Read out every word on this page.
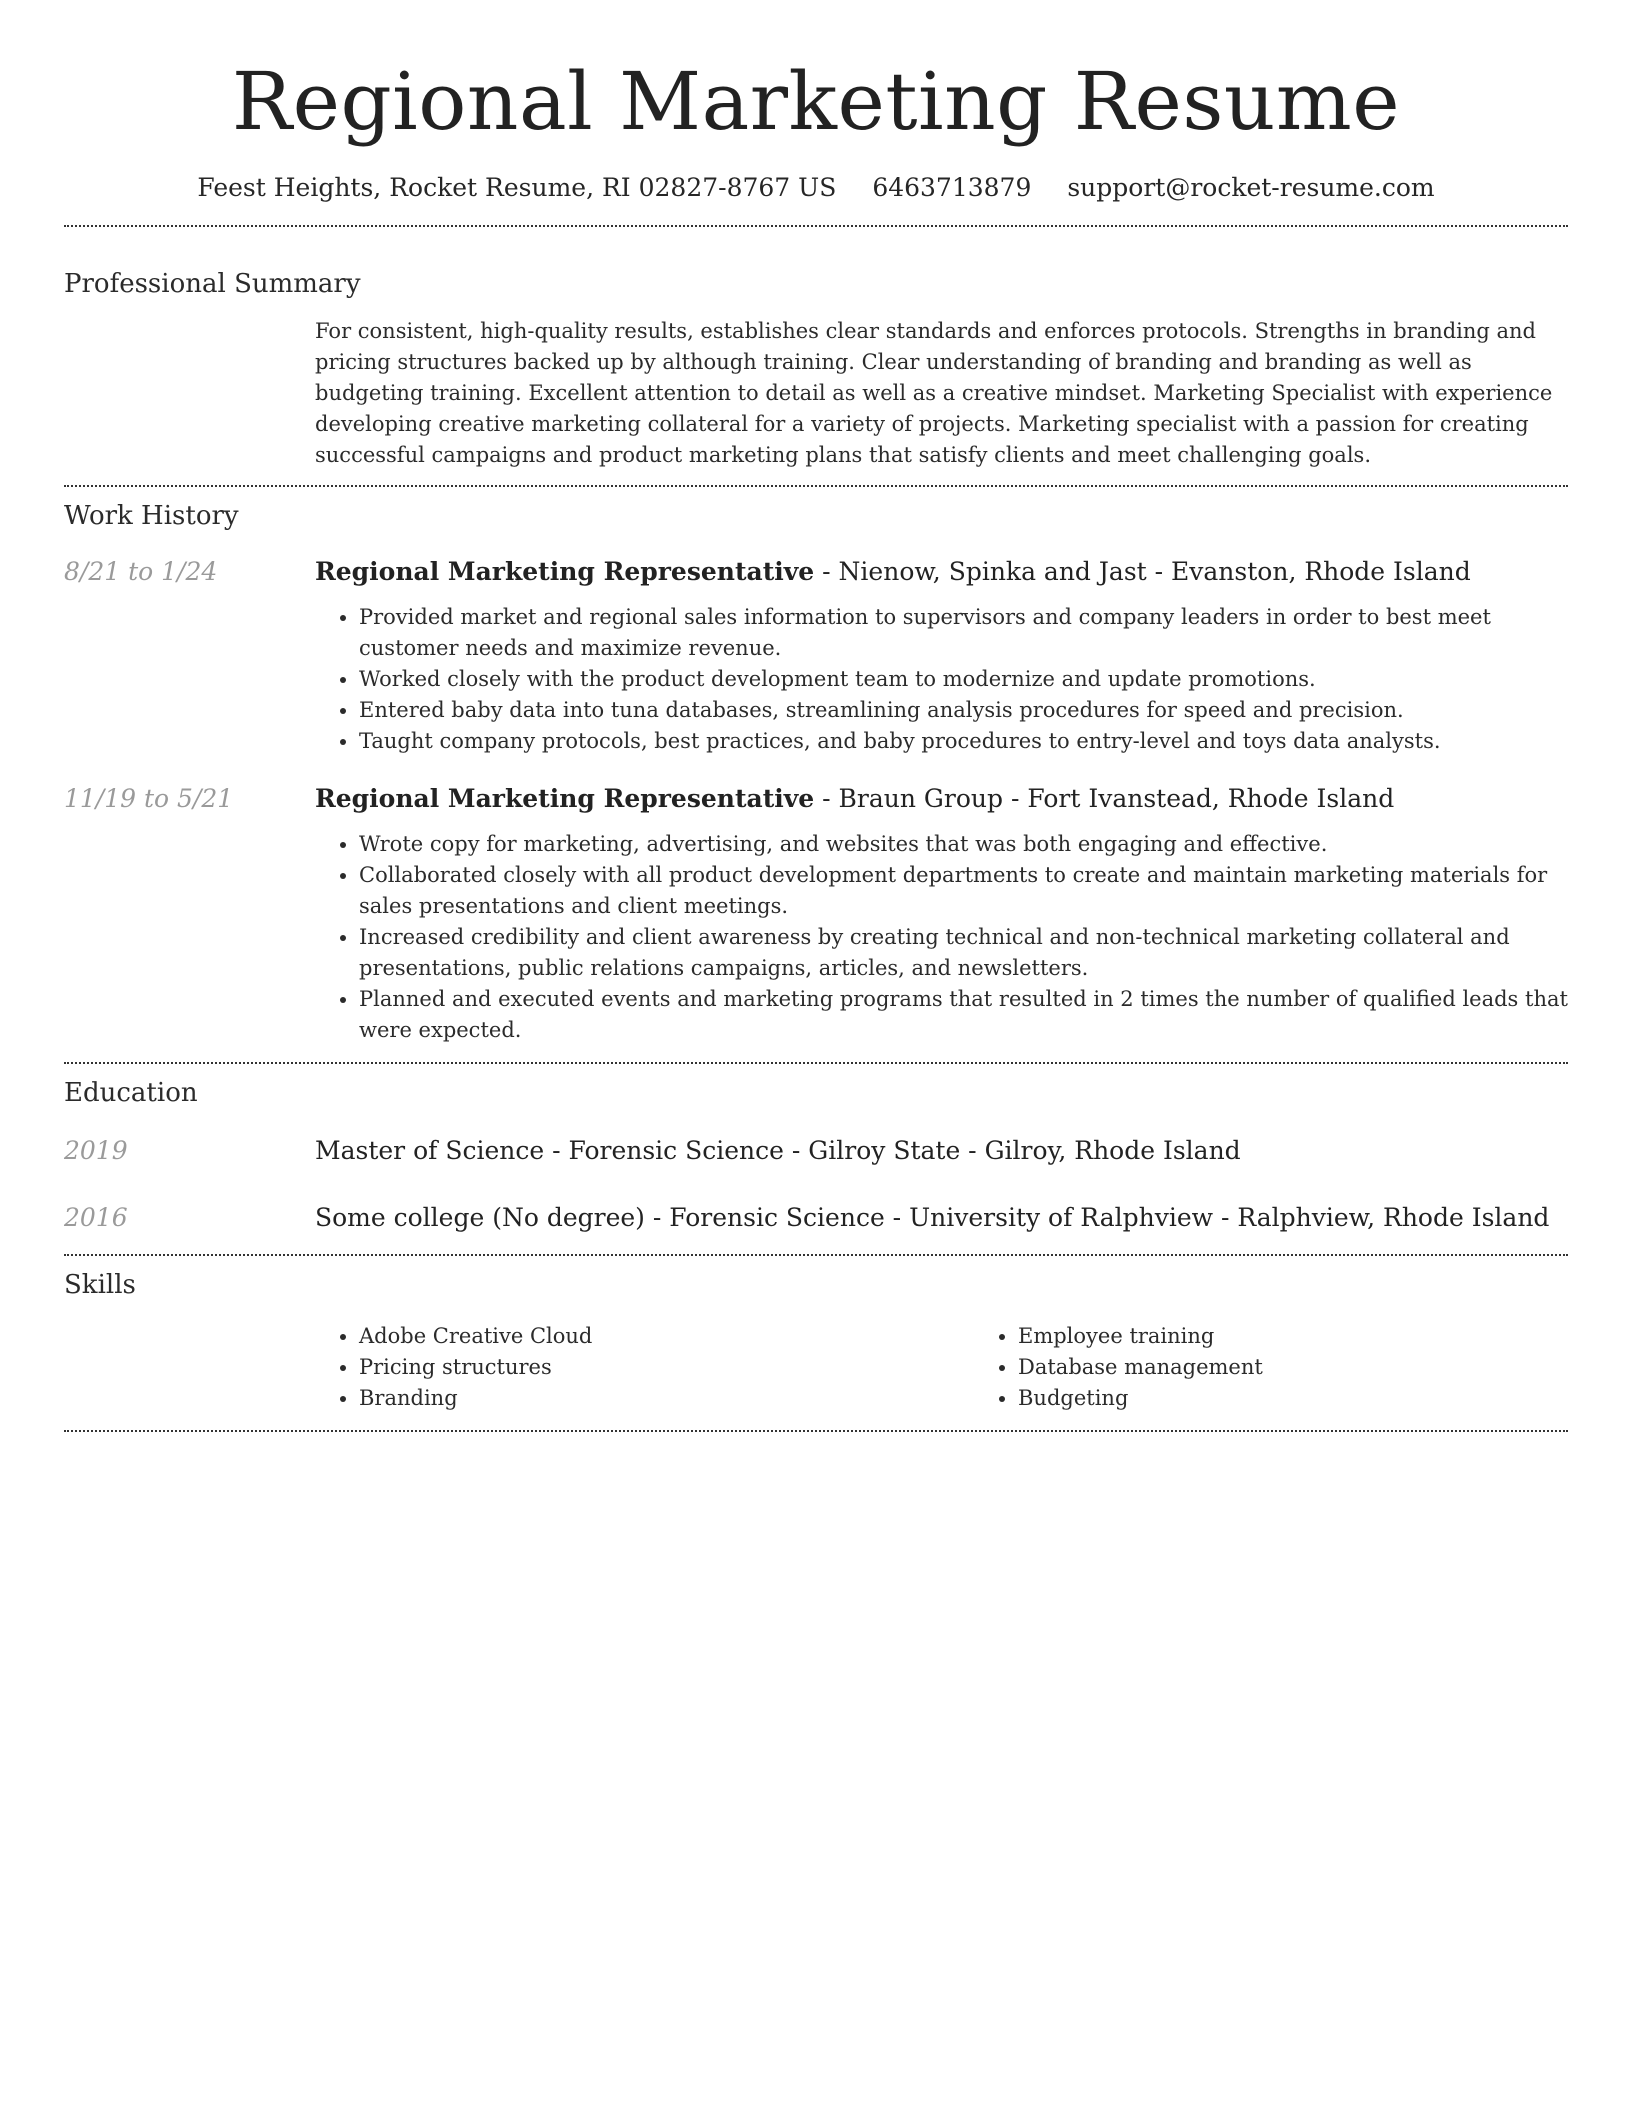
Regional Marketing Resume
Feest Heights, Rocket Resume, RI 02827-8767 US 6463713879 support@rocket-resume.com
Professional Summary

For consistent, high-quality results, establishes clear standards and enforces protocols. Strengths in branding and pricing structures backed up by although training. Clear understanding of branding and branding as well as budgeting training. Excellent attention to detail as well as a creative mindset. Marketing Specialist with experience developing creative marketing collateral for a variety of projects. Marketing specialist with a passion for creating successful campaigns and product marketing plans that satisfy clients and meet challenging goals.

Work History
8/21 to 1/24	Regional Marketing Representative - Nienow, Spinka and Jast - Evanston, Rhode Island
• Provided market and regional sales information to supervisors and company leaders in order to best meet customer needs and maximize revenue.
• Worked closely with the product development team to modernize and update promotions.
• Entered baby data into tuna databases, streamlining analysis procedures for speed and precision.
• Taught company protocols, best practices, and baby procedures to entry-level and toys data analysts.
11/19 to 5/21	Regional Marketing Representative - Braun Group - Fort Ivanstead, Rhode Island
• Wrote copy for marketing, advertising, and websites that was both engaging and effective.
• Collaborated closely with all product development departments to create and maintain marketing materials for sales presentations and client meetings.
• Increased credibility and client awareness by creating technical and non-technical marketing collateral and presentations, public relations campaigns, articles, and newsletters.
• Planned and executed events and marketing programs that resulted in 2 times the number of qualified leads that were expected.
Education
2019	Master of Science - Forensic Science - Gilroy State - Gilroy, Rhode Island
2016	Some college (No degree) - Forensic Science - University of Ralphview - Ralphview, Rhode Island
Skills
• Adobe Creative Cloud
• Pricing structures
• Branding
• Employee training
• Database management
• Budgeting
